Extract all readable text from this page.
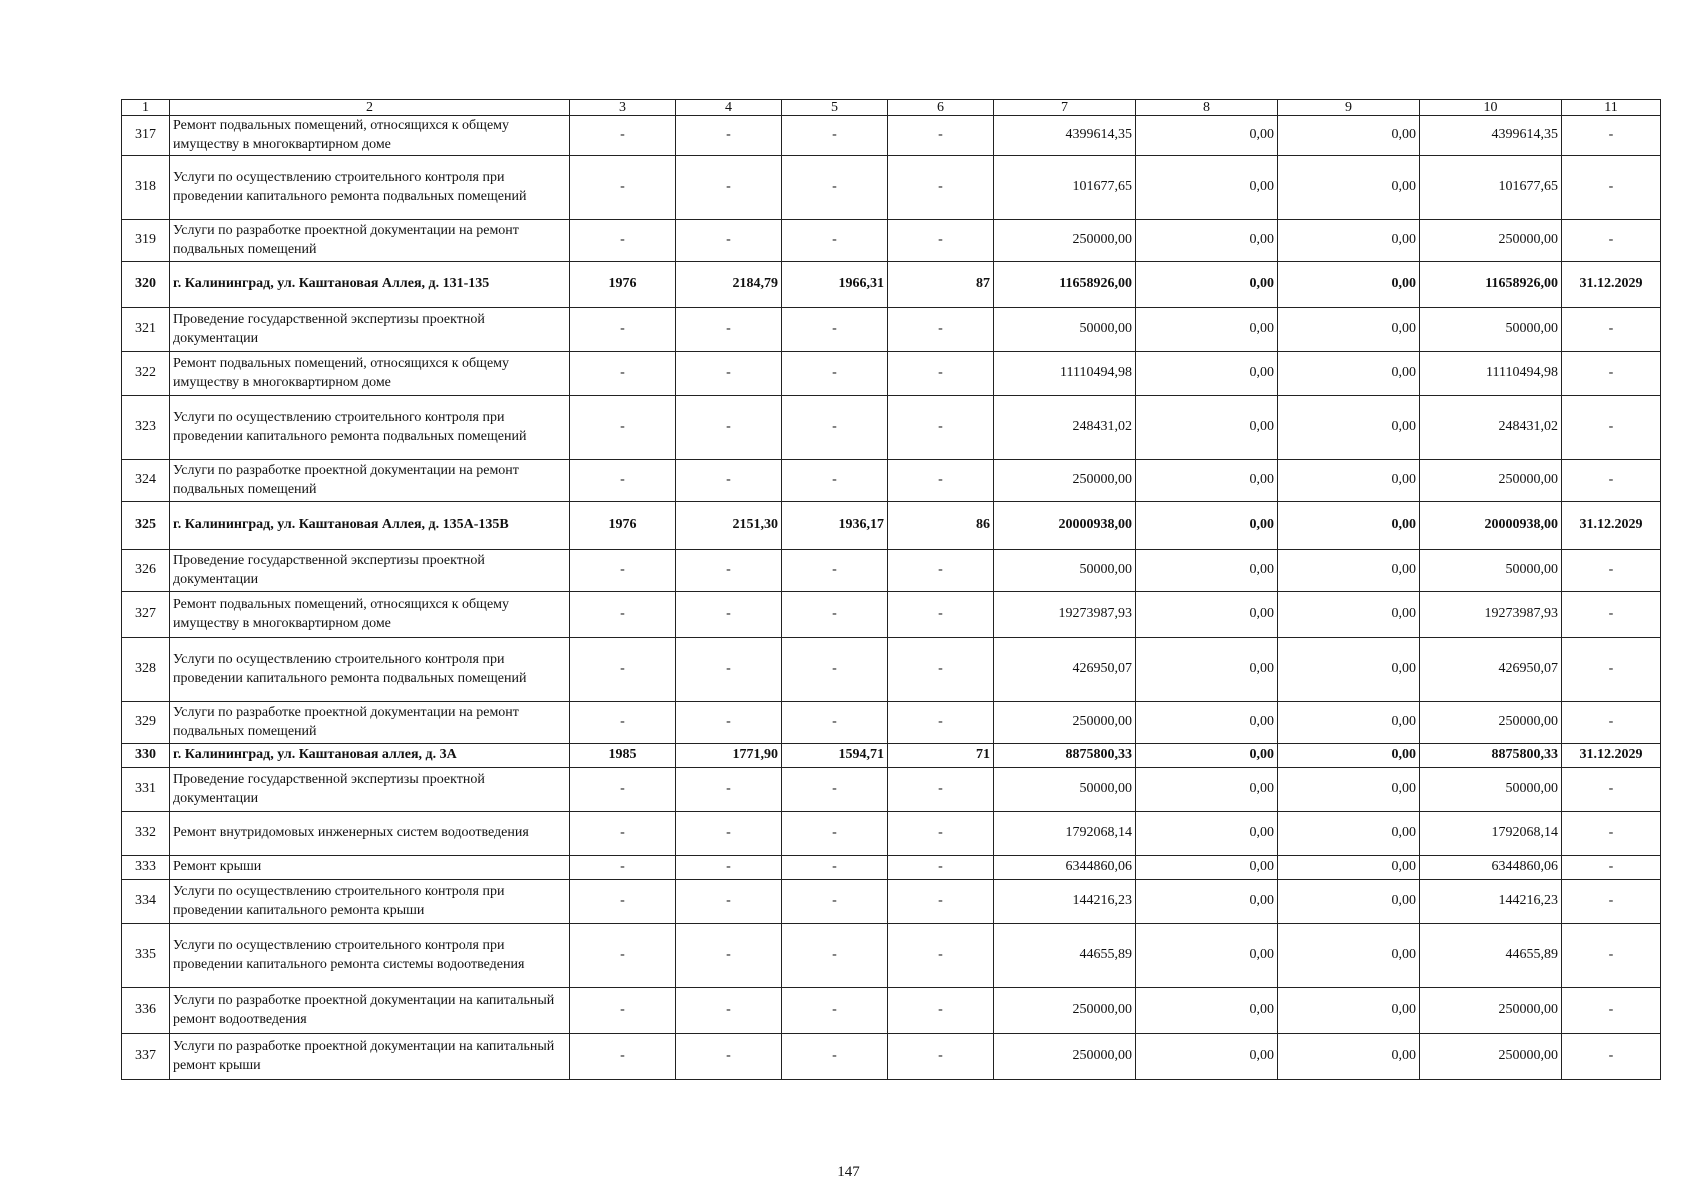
1	2	3	4	5	6	7	8	9	10	11
317	Ремонт подвальных помещений, относящихся к общему имуществу в многоквартирном доме	-	-	-	-	4399614,35	0,00	0,00	4399614,35	-
318	Услуги по осуществлению строительного контроля при проведении капитального ремонта подвальных помещений	-	-	-	-	101677,65	0,00	0,00	101677,65	-
319	Услуги по разработке проектной документации на ремонт подвальных помещений	-	-	-	-	250000,00	0,00	0,00	250000,00	-
320	г. Калининград, ул. Каштановая Аллея, д. 131-135	1976	2184,79	1966,31	87	11658926,00	0,00	0,00	11658926,00	31.12.2029
321	Проведение государственной экспертизы проектной документации	-	-	-	-	50000,00	0,00	0,00	50000,00	-
322	Ремонт подвальных помещений, относящихся к общему имуществу в многоквартирном доме	-	-	-	-	11110494,98	0,00	0,00	11110494,98	-
323	Услуги по осуществлению строительного контроля при проведении капитального ремонта подвальных помещений	-	-	-	-	248431,02	0,00	0,00	248431,02	-
324	Услуги по разработке проектной документации на ремонт подвальных помещений	-	-	-	-	250000,00	0,00	0,00	250000,00	-
325	г. Калининград, ул. Каштановая Аллея, д. 135А-135В	1976	2151,30	1936,17	86	20000938,00	0,00	0,00	20000938,00	31.12.2029
326	Проведение государственной экспертизы проектной документации	-	-	-	-	50000,00	0,00	0,00	50000,00	-
327	Ремонт подвальных помещений, относящихся к общему имуществу в многоквартирном доме	-	-	-	-	19273987,93	0,00	0,00	19273987,93	-
328	Услуги по осуществлению строительного контроля при проведении капитального ремонта подвальных помещений	-	-	-	-	426950,07	0,00	0,00	426950,07	-
329	Услуги по разработке проектной документации на ремонт подвальных помещений	-	-	-	-	250000,00	0,00	0,00	250000,00	-
330	г. Калининград, ул. Каштановая аллея, д. 3А	1985	1771,90	1594,71	71	8875800,33	0,00	0,00	8875800,33	31.12.2029
331	Проведение государственной экспертизы проектной документации	-	-	-	-	50000,00	0,00	0,00	50000,00	-
332	Ремонт внутридомовых инженерных систем водоотведения	-	-	-	-	1792068,14	0,00	0,00	1792068,14	-
333	Ремонт крыши	-	-	-	-	6344860,06	0,00	0,00	6344860,06	-
334	Услуги по осуществлению строительного контроля при проведении капитального ремонта крыши	-	-	-	-	144216,23	0,00	0,00	144216,23	-
335	Услуги по осуществлению строительного контроля при проведении капитального ремонта системы водоотведения	-	-	-	-	44655,89	0,00	0,00	44655,89	-
336	Услуги по разработке проектной документации на капитальный ремонт водоотведения	-	-	-	-	250000,00	0,00	0,00	250000,00	-
337	Услуги по разработке проектной документации на капитальный ремонт крыши	-	-	-	-	250000,00	0,00	0,00	250000,00	-
147
